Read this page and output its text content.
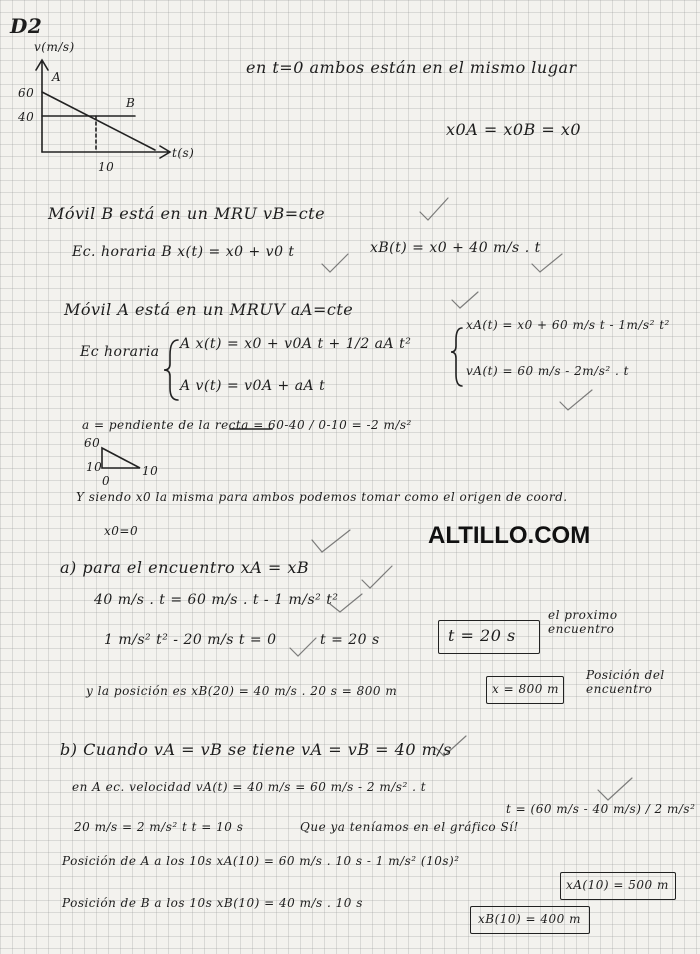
D2
v(m/s)
A
60
40
B
10
t(s)
en t=0 ambos están en el mismo lugar
x0A = x0B = x0
Móvil B está en un MRU vB=cte
Ec. horaria B x(t) = x0 + v0 t	xB(t) = x0 + 40 m/s . t
Móvil A está en un MRUV aA=cte
Ec horaria A x(t) = x0 + v0A t + 1/2 aA t²
A v(t) = v0A + aA t
xA(t) = x0 + 60 m/s t - 1m/s² t²
vA(t) = 60 m/s - 2m/s² . t
a = pendiente de la recta = 60-40 / 0-10 = -2 m/s²
60
10
0
10
Y siendo x0 la misma para ambos podemos tomar como el origen de coord.
x0=0	ALTILLO.COM
a) para el encuentro xA = xB
40 m/s . t = 60 m/s . t - 1 m/s² t²
1 m/s² t² - 20 m/s t = 0	t = 20 s	t = 20 s
el proximo encuentro
y la posición es xB(20) = 40 m/s . 20 s = 800 m	x = 800 m
Posición del encuentro
b) Cuando vA = vB se tiene vA = vB = 40 m/s
en A ec. velocidad vA(t) = 40 m/s = 60 m/s - 2 m/s² . t
t = (60 m/s - 40 m/s) / 2 m/s²
20 m/s = 2 m/s² t t = 10 s	Que ya teníamos en el gráfico Sí!
Posición de A a los 10s xA(10) = 60 m/s . 10 s - 1 m/s² (10s)²
xA(10) = 500 m
Posición de B a los 10s xB(10) = 40 m/s . 10 s
xB(10) = 400 m
